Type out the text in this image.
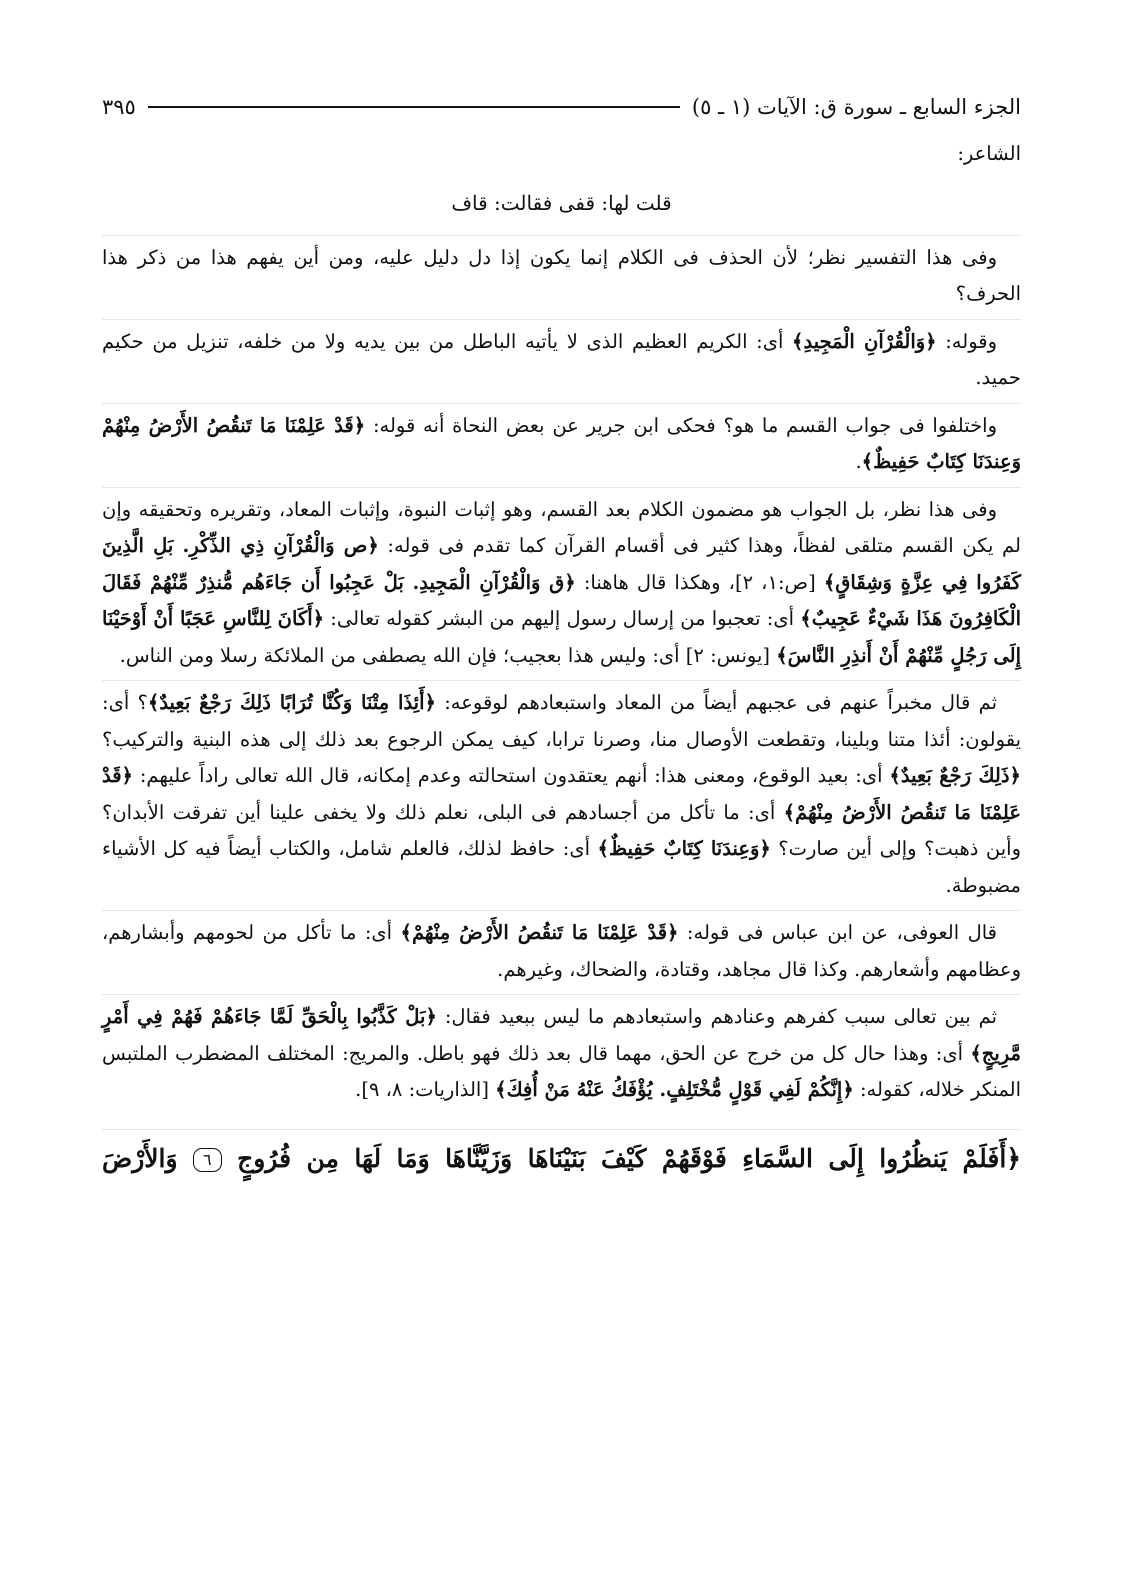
الجزء السابع ـ سورة ق: الآيات (١ ـ ٥)
٣٩٥

الشاعر:

قلت لها: قفى فقالت: قاف

وفى هذا التفسير نظر؛ لأن الحذف فى الكلام إنما يكون إذا دل دليل عليه، ومن أين يفهم هذا من ذكر هذا الحرف؟

وقوله: ﴿وَالْقُرْآنِ الْمَجِيدِ﴾ أى: الكريم العظيم الذى لا يأتيه الباطل من بين يديه ولا من خلفه، تنزيل من حكيم حميد.

واختلفوا فى جواب القسم ما هو؟ فحكى ابن جرير عن بعض النحاة أنه قوله: ﴿قَدْ عَلِمْنَا مَا تَنقُصُ الأَرْضُ مِنْهُمْ وَعِندَنَا كِتَابٌ حَفِيظٌ﴾.

وفى هذا نظر، بل الجواب هو مضمون الكلام بعد القسم، وهو إثبات النبوة، وإثبات المعاد، وتقريره وتحقيقه وإن لم يكن القسم متلقى لفظاً، وهذا كثير فى أقسام القرآن كما تقدم فى قوله: ﴿ص وَالْقُرْآنِ ذِي الذِّكْرِ. بَلِ الَّذِينَ كَفَرُوا فِي عِزَّةٍ وَشِقَاقٍ﴾ [ص:١، ٢]، وهكذا قال هاهنا: ﴿ق وَالْقُرْآنِ الْمَجِيدِ. بَلْ عَجِبُوا أَن جَاءَهُم مُّنذِرٌ مِّنْهُمْ فَقَالَ الْكَافِرُونَ هَذَا شَيْءٌ عَجِيبٌ﴾ أى: تعجبوا من إرسال رسول إليهم من البشر كقوله تعالى: ﴿أَكَانَ لِلنَّاسِ عَجَبًا أَنْ أَوْحَيْنَا إِلَى رَجُلٍ مِّنْهُمْ أَنْ أَنذِرِ النَّاسَ﴾ [يونس: ٢] أى: وليس هذا بعجيب؛ فإن الله يصطفى من الملائكة رسلا ومن الناس.

ثم قال مخبراً عنهم فى عجبهم أيضاً من المعاد واستبعادهم لوقوعه: ﴿أَئِذَا مِتْنَا وَكُنَّا تُرَابًا ذَلِكَ رَجْعٌ بَعِيدٌ﴾؟ أى: يقولون: أئذا متنا وبلينا، وتقطعت الأوصال منا، وصرنا ترابا، كيف يمكن الرجوع بعد ذلك إلى هذه البنية والتركيب؟ ﴿ذَلِكَ رَجْعٌ بَعِيدٌ﴾ أى: بعيد الوقوع، ومعنى هذا: أنهم يعتقدون استحالته وعدم إمكانه، قال الله تعالى راداً عليهم: ﴿قَدْ عَلِمْنَا مَا تَنقُصُ الأَرْضُ مِنْهُمْ﴾ أى: ما تأكل من أجسادهم فى البلى، نعلم ذلك ولا يخفى علينا أين تفرقت الأبدان؟ وأين ذهبت؟ وإلى أين صارت؟ ﴿وَعِندَنَا كِتَابٌ حَفِيظٌ﴾ أى: حافظ لذلك، فالعلم شامل، والكتاب أيضاً فيه كل الأشياء مضبوطة.

قال العوفى، عن ابن عباس فى قوله: ﴿قَدْ عَلِمْنَا مَا تَنقُصُ الأَرْضُ مِنْهُمْ﴾ أى: ما تأكل من لحومهم وأبشارهم، وعظامهم وأشعارهم. وكذا قال مجاهد، وقتادة، والضحاك، وغيرهم.

ثم بين تعالى سبب كفرهم وعنادهم واستبعادهم ما ليس ببعيد فقال: ﴿بَلْ كَذَّبُوا بِالْحَقِّ لَمَّا جَاءَهُمْ فَهُمْ فِي أَمْرٍ مَّرِيجٍ﴾ أى: وهذا حال كل من خرج عن الحق، مهما قال بعد ذلك فهو باطل. والمريج: المختلف المضطرب الملتبس المنكر خلاله، كقوله: ﴿إِنَّكُمْ لَفِي قَوْلٍ مُّخْتَلِفٍ. يُؤْفَكُ عَنْهُ مَنْ أُفِكَ﴾ [الذاريات: ٨، ٩].

﴿أَفَلَمْ يَنظُرُوا إِلَى السَّمَاءِ فَوْقَهُمْ كَيْفَ بَنَيْنَاهَا وَزَيَّنَّاهَا وَمَا لَهَا مِن فُرُوجٍ ٦ وَالأَرْضَ
